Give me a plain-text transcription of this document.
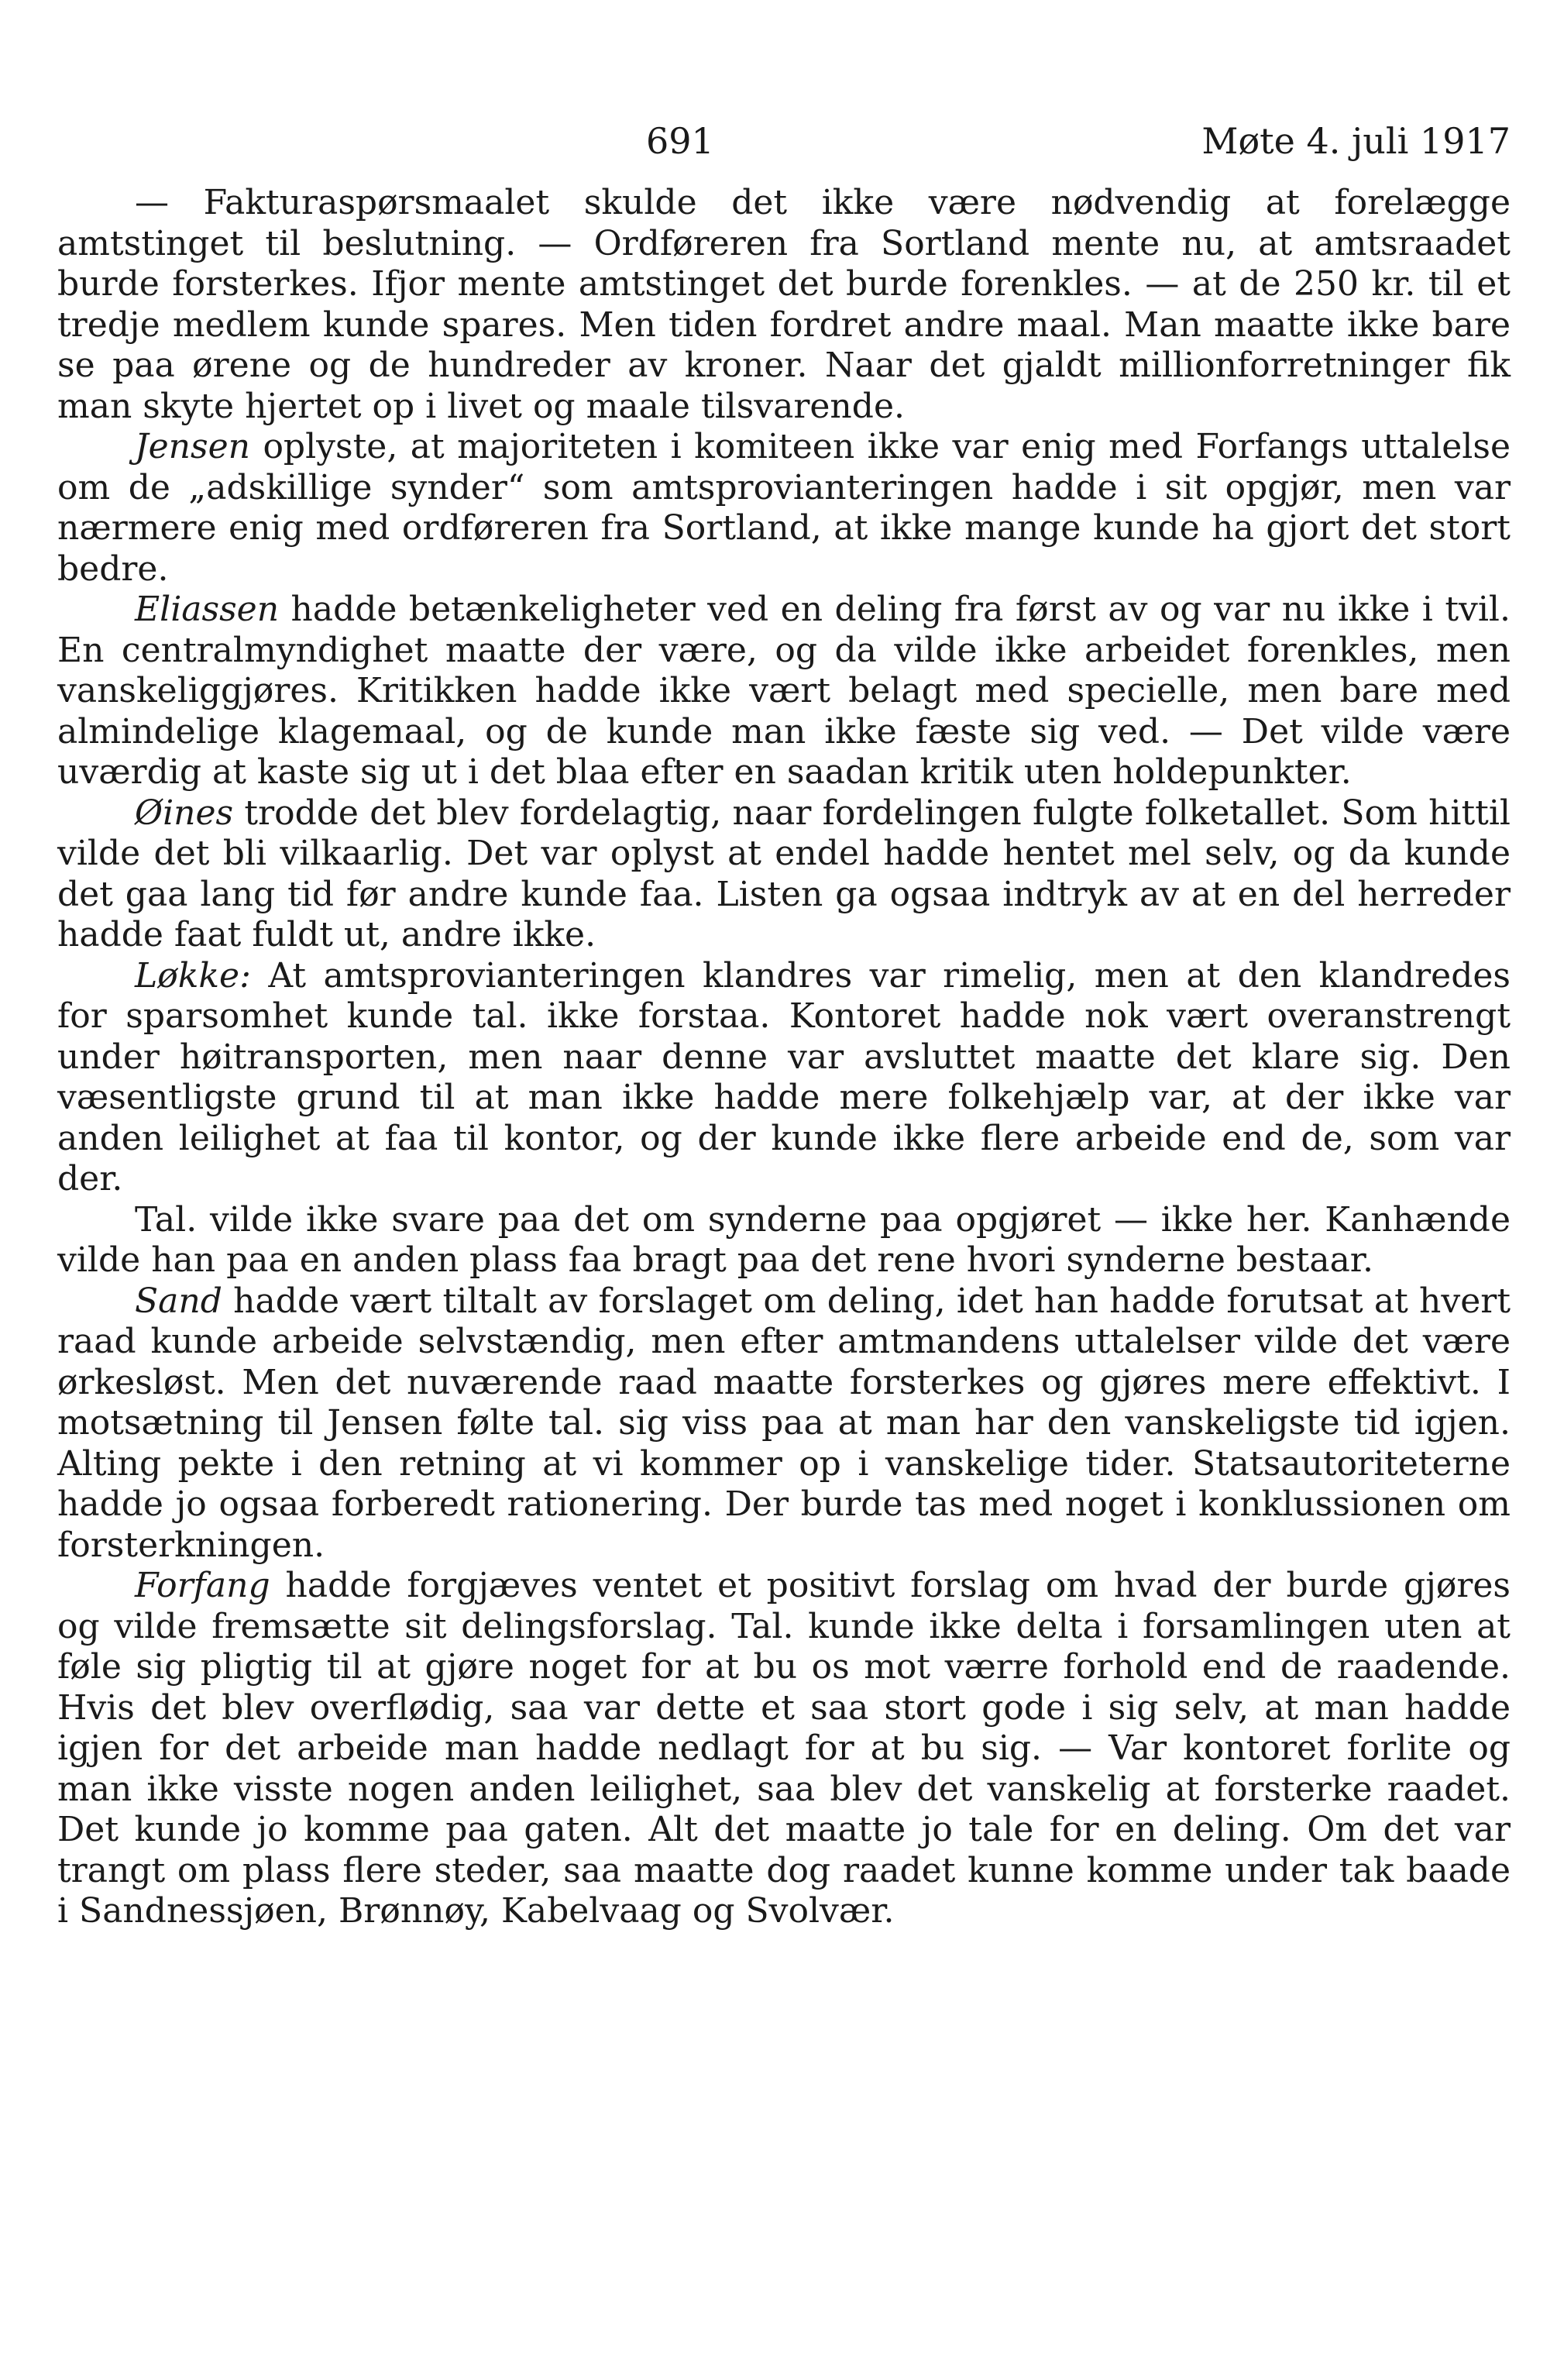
691	Møte 4. juli 1917

— Fakturaspørsmaalet skulde det ikke være nødvendig at forelægge amtstinget til beslutning. — Ordføreren fra Sortland mente nu, at amtsraadet burde forsterkes. Ifjor mente amtstinget det burde forenkles. — at de 250 kr. til et tredje medlem kunde spares. Men tiden fordret andre maal. Man maatte ikke bare se paa ørene og de hundreder av kroner. Naar det gjaldt millionforretninger fik man skyte hjertet op i livet og maale tilsvarende.

Jensen oplyste, at majoriteten i komiteen ikke var enig med Forfangs uttalelse om de „adskillige synder“ som amtsprovianteringen hadde i sit opgjør, men var nærmere enig med ordføreren fra Sortland, at ikke mange kunde ha gjort det stort bedre.

Eliassen hadde betænkeligheter ved en deling fra først av og var nu ikke i tvil. En centralmyndighet maatte der være, og da vilde ikke arbeidet forenkles, men vanskeliggjøres. Kritikken hadde ikke vært belagt med specielle, men bare med almindelige klagemaal, og de kunde man ikke fæste sig ved. — Det vilde være uværdig at kaste sig ut i det blaa efter en saadan kritik uten holdepunkter.

Øines trodde det blev fordelagtig, naar fordelingen fulgte folketallet. Som hittil vilde det bli vilkaarlig. Det var oplyst at endel hadde hentet mel selv, og da kunde det gaa lang tid før andre kunde faa. Listen ga ogsaa indtryk av at en del herreder hadde faat fuldt ut, andre ikke.

Løkke: At amtsprovianteringen klandres var rimelig, men at den klandredes for sparsomhet kunde tal. ikke forstaa. Kontoret hadde nok vært overanstrengt under høitransporten, men naar denne var avsluttet maatte det klare sig. Den væsentligste grund til at man ikke hadde mere folkehjælp var, at der ikke var anden leilighet at faa til kontor, og der kunde ikke flere arbeide end de, som var der.

Tal. vilde ikke svare paa det om synderne paa opgjøret — ikke her. Kanhænde vilde han paa en anden plass faa bragt paa det rene hvori synderne bestaar.

Sand hadde vært tiltalt av forslaget om deling, idet han hadde forutsat at hvert raad kunde arbeide selvstændig, men efter amtmandens uttalelser vilde det være ørkesløst. Men det nuværende raad maatte forsterkes og gjøres mere effektivt. I motsætning til Jensen følte tal. sig viss paa at man har den vanskeligste tid igjen. Alting pekte i den retning at vi kommer op i vanskelige tider. Statsautoriteterne hadde jo ogsaa forberedt rationering. Der burde tas med noget i konklussionen om forsterkningen.

Forfang hadde forgjæves ventet et positivt forslag om hvad der burde gjøres og vilde fremsætte sit delingsforslag. Tal. kunde ikke delta i forsamlingen uten at føle sig pligtig til at gjøre noget for at bu os mot værre forhold end de raadende. Hvis det blev overflødig, saa var dette et saa stort gode i sig selv, at man hadde igjen for det arbeide man hadde nedlagt for at bu sig. — Var kontoret forlite og man ikke visste nogen anden leilighet, saa blev det vanskelig at forsterke raadet. Det kunde jo komme paa gaten. Alt det maatte jo tale for en deling. Om det var trangt om plass flere steder, saa maatte dog raadet kunne komme under tak baade i Sandnessjøen, Brønnøy, Kabelvaag og Svolvær.
